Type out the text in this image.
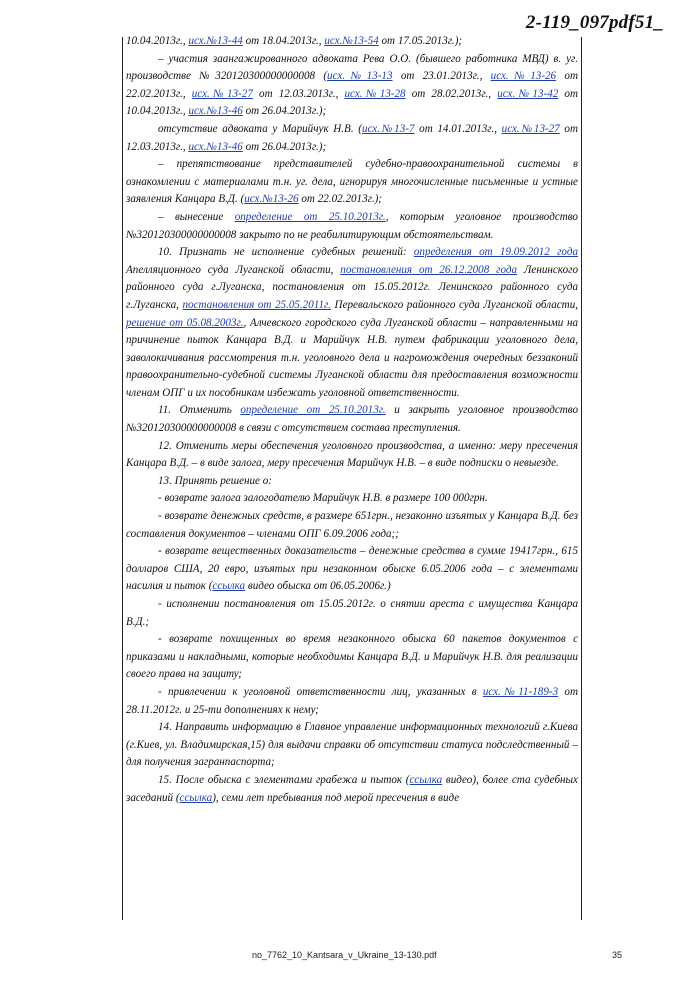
2-119_097pdf51_

10.04.2013г., исх.№13-44 от 18.04.2013г., исх.№13-54 от 17.05.2013г.);

– участия заангажированного адвоката Рева О.О. (бывшего работника МВД) в. уг. производстве №320120300000000008 (исх.№13-13 от 23.01.2013г., исх.№13-26 от 22.02.2013г., исх.№13-27 от 12.03.2013г., исх.№13-28 от 28.02.2013г., исх.№13-42 от 10.04.2013г., исх.№13-46 от 26.04.2013г.);

отсутствие адвоката у Марийчук Н.В. (исх.№13-7 от 14.01.2013г., исх.№13-27 от 12.03.2013г., исх.№13-46 от 26.04.2013г.);

– препятствование представителей судебно-правоохранительной системы в ознакомлении с материалами т.н. уг. дела, игнорируя многочисленные письменные и устные заявления Канцара В.Д. (исх.№13-26 от 22.02.2013г.);

– вынесение определение от 25.10.2013г., которым уголовное производство №320120300000000008 закрыто по не реабилитирующим обстоятельствам.

10. Признать не исполнение судебных решений: определения от 19.09.2012 года Апелляционного суда Луганской области, постановления от 26.12.2008 года Ленинского районного суда г.Луганска, постановления от 15.05.2012г. Ленинского районного суда г.Луганска, постановления от 25.05.2011г. Перевальского районного суда Луганской области, решение от 05.08.2003г., Алчевского городского суда Луганской области – направленными на причинение пыток Канцара В.Д. и Марийчук Н.В. путем фабрикации уголовного дела, заволокичивания рассмотрения т.н. уголовного дела и нагромождения очередных беззаконий правоохранительно-судебной системы Луганской области для предоставления возможности членам ОПГ и их пособникам избежать уголовной ответственности.

11. Отменить определение от 25.10.2013г. и закрыть уголовное производство №320120300000000008 в связи с отсутствием состава преступления.

12. Отменить меры обеспечения уголовного производства, а именно: меру пресечения Канцара В.Д. – в виде залога, меру пресечения Марийчук Н.В. – в виде подписки о невыезде.

13. Принять решение о:

- возврате залога залогодателю Марийчук Н.В. в размере 100 000грн.

- возврате денежных средств, в размере 651грн., незаконно изъятых у Канцара В.Д. без составления документов – членами ОПГ 6.09.2006 года;;

- возврате вещественных доказательств – денежные средства в сумме 19417грн., 615 долларов США, 20 евро, изъятых при незаконном обыске 6.05.2006 года – с элементами насилия и пыток (ссылка видео обыска от 06.05.2006г.)

- исполнении постановления от 15.05.2012г. о снятии ареста с имущества Канцара В.Д.;

- возврате похищенных во время незаконного обыска 60 пакетов документов с приказами и накладными, которые необходимы Канцара В.Д. и Марийчук Н.В. для реализации своего права на защиту;

- привлечении к уголовной ответственности лиц, указанных в исх.№11-189-3 от 28.11.2012г. и 25-ти дополнениях к нему;

14. Направить информацию в Главное управление информационных технологий г.Киева (г.Киев, ул. Владимирская,15) для выдачи справки об отсутствии статуса подследственный – для получения загранпаспорта;

15. После обыска с элементами грабежа и пыток (ссылка видео), более ста судебных заседаний (ссылка), семи лет пребывания под мерой пресечения в виде

no_7762_10_Kantsara_v_Ukraine_13-130.pdf	35
